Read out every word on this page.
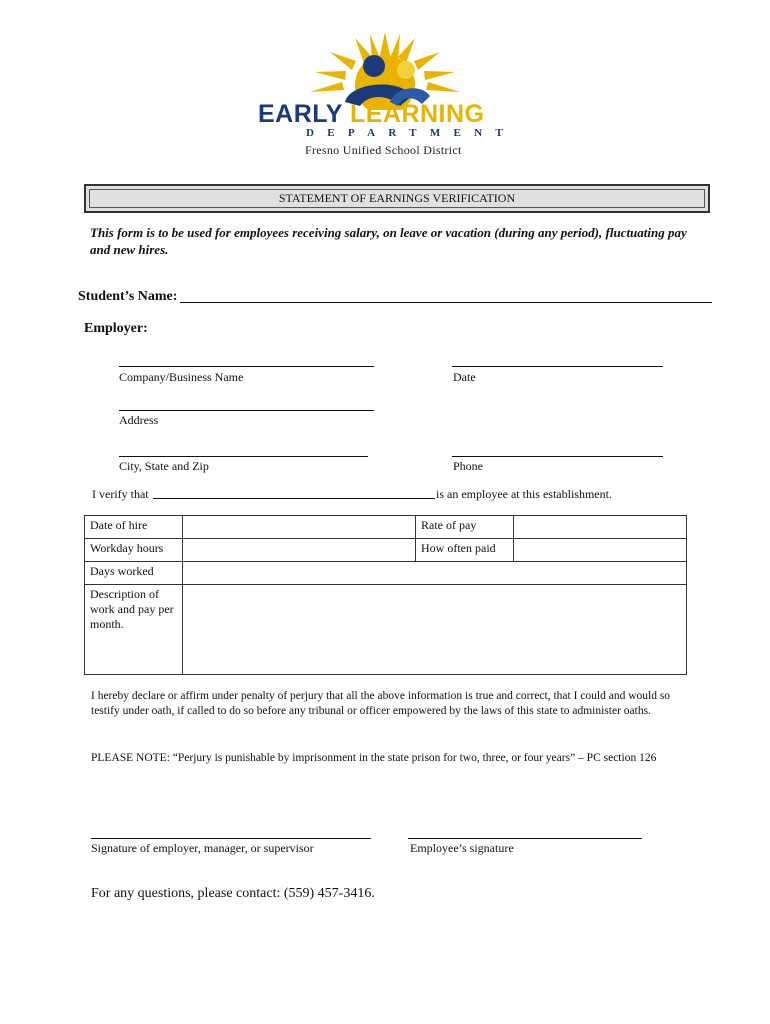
EARLY LEARNING
DEPARTMENT
Fresno Unified School District
STATEMENT OF EARNINGS VERIFICATION
This form is to be used for employees receiving salary, on leave or vacation (during any period), fluctuating pay and new hires.
Student’s Name:
Employer:
Company/Business Name	Date
Address
City, State and Zip	Phone
I verify that	is an employee at this establishment.
Date of hire		Rate of pay	
Workday hours		How often paid	
Days worked			
Description of work and pay per month.			
I hereby declare or affirm under penalty of perjury that all the above information is true and correct, that I could and would so testify under oath, if called to do so before any tribunal or officer empowered by the laws of this state to administer oaths.
PLEASE NOTE: “Perjury is punishable by imprisonment in the state prison for two, three, or four years” – PC section 126
Signature of employer, manager, or supervisor	Employee’s signature
For any questions, please contact: (559) 457-3416.
